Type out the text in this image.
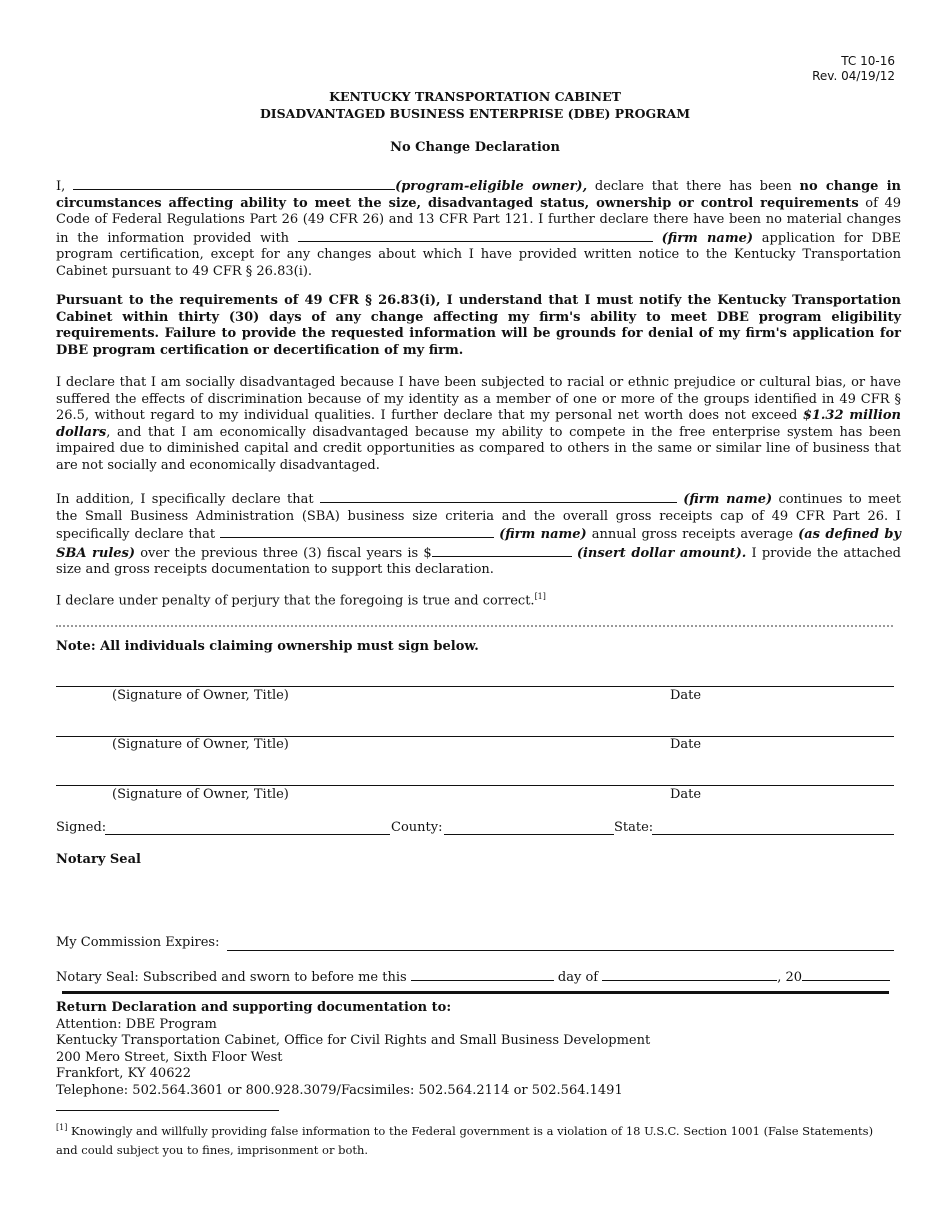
TC 10-16
Rev. 04/19/12
KENTUCKY TRANSPORTATION CABINET
DISADVANTAGED BUSINESS ENTERPRISE (DBE) PROGRAM
No Change Declaration

I,	(program-eligible owner), declare that there has been no change in circumstances affecting ability to meet the size, disadvantaged status, ownership or control requirements of 49 Code of Federal Regulations Part 26 (49 CFR 26) and 13 CFR Part 121. I further declare there have been no material changes in the information provided with	(firm name) application for DBE program certification, except for any changes about which I have provided written notice to the Kentucky Transportation Cabinet pursuant to 49 CFR § 26.83(i).

Pursuant to the requirements of 49 CFR § 26.83(i), I understand that I must notify the Kentucky Transportation Cabinet within thirty (30) days of any change affecting my firm's ability to meet DBE program eligibility requirements. Failure to provide the requested information will be grounds for denial of my firm's application for DBE program certification or decertification of my firm.

I declare that I am socially disadvantaged because I have been subjected to racial or ethnic prejudice or cultural bias, or have suffered the effects of discrimination because of my identity as a member of one or more of the groups identified in 49 CFR § 26.5, without regard to my individual qualities. I further declare that my personal net worth does not exceed $1.32 million dollars, and that I am economically disadvantaged because my ability to compete in the free enterprise system has been impaired due to diminished capital and credit opportunities as compared to others in the same or similar line of business that are not socially and economically disadvantaged.

In addition, I specifically declare that	(firm name) continues to meet the Small Business Administration (SBA) business size criteria and the overall gross receipts cap of 49 CFR Part 26. I specifically declare that	(firm name) annual gross receipts average (as defined by SBA rules) over the previous three (3) fiscal years is $	(insert dollar amount). I provide the attached size and gross receipts documentation to support this declaration.

I declare under penalty of perjury that the foregoing is true and correct.[1]

Note: All individuals claiming ownership must sign below.
(Signature of Owner, Title)	Date
(Signature of Owner, Title)	Date
(Signature of Owner, Title)	Date
Signed:	County:	State:
Notary Seal
My Commission Expires:
Notary Seal: Subscribed and sworn to before me this	day of	, 20
Return Declaration and supporting documentation to:
Attention: DBE Program
Kentucky Transportation Cabinet, Office for Civil Rights and Small Business Development
200 Mero Street, Sixth Floor West
Frankfort, KY 40622
Telephone: 502.564.3601 or 800.928.3079/Facsimiles: 502.564.2114 or 502.564.1491
[1] Knowingly and willfully providing false information to the Federal government is a violation of 18 U.S.C. Section 1001 (False Statements) and could subject you to fines, imprisonment or both.
